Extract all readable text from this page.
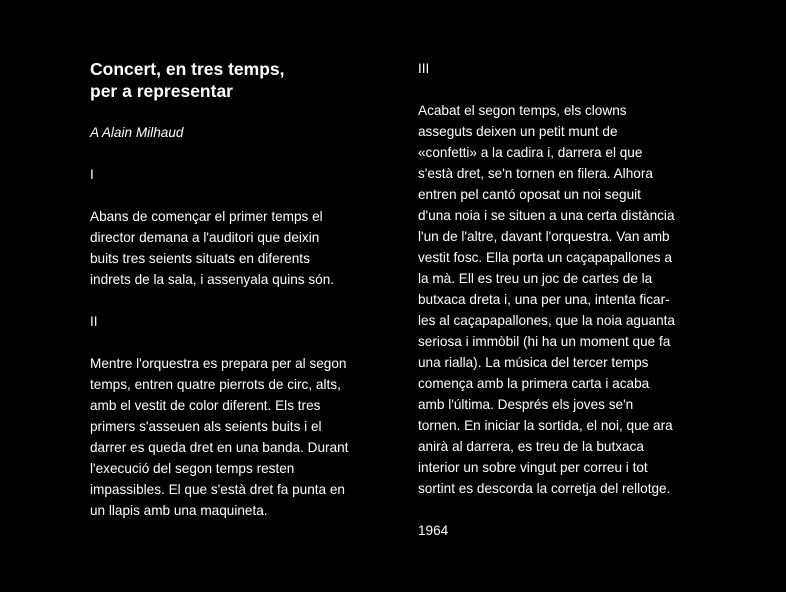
Concert, en tres temps,
per a representar

A Alain Milhaud

I

Abans de començar el primer temps el
director demana a l'auditori que deixin
buits tres seients situats en diferents
indrets de la sala, i assenyala quins són.

II

Mentre l'orquestra es prepara per al segon
temps, entren quatre pierrots de circ, alts,
amb el vestit de color diferent. Els tres
primers s'asseuen als seients buits i el
darrer es queda dret en una banda. Durant
l'execució del segon temps resten
impassibles. El que s'està dret fa punta en
un llapis amb una maquineta.

III

Acabat el segon temps, els clowns
asseguts deixen un petit munt de
«confetti» a la cadira i, darrera el que
s'està dret, se'n tornen en filera. Alhora
entren pel cantó oposat un noi seguit
d'una noia i se situen a una certa distància
l'un de l'altre, davant l'orquestra. Van amb
vestit fosc. Ella porta un caçapapallones a
la mà. Ell es treu un joc de cartes de la
butxaca dreta i, una per una, intenta ficar-
les al caçapapallones, que la noia aguanta
seriosa i immòbil (hi ha un moment que fa
una rialla). La música del tercer temps
comença amb la primera carta i acaba
amb l'última. Després els joves se'n
tornen. En iniciar la sortida, el noi, que ara
anirà al darrera, es treu de la butxaca
interior un sobre vingut per correu i tot
sortint es descorda la corretja del rellotge.

1964
